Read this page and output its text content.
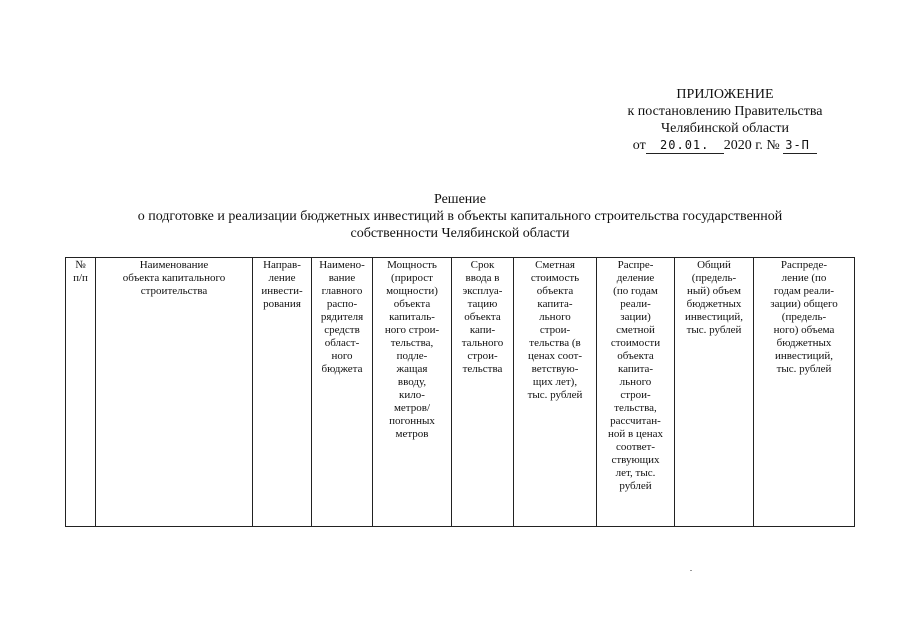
ПРИЛОЖЕНИЕ
к постановлению Правительства
Челябинской области
от 20.01. 2020 г. № 3-П
Решение
о подготовке и реализации бюджетных инвестиций в объекты капитального строительства государственной
собственности Челябинской области
№
п/п	Наименование
объекта капитального
строительства	Направ-
ление
инвести-
рования	Наимено-
вание
главного
распо-
рядителя
средств
област-
ного
бюджета	Мощность
(прирост
мощности)
объекта
капиталь-
ного строи-
тельства,
подле-
жащая
вводу,
кило-
метров/
погонных
метров	Срок
ввода в
эксплуа-
тацию
объекта
капи-
тального
строи-
тельства	Сметная
стоимость
объекта
капита-
льного
строи-
тельства (в
ценах соот-
ветствую-
щих лет),
тыс. рублей	Распре-
деление
(по годам
реали-
зации)
сметной
стоимости
объекта
капитa-
льного
строи-
тельства,
рассчитан-
ной в ценах
соответ-
ствующих
лет, тыс.
рублей	Общий
(предель-
ный) объем
бюджетных
инвестиций,
тыс. рублей	Распреде-
ление (по
годам реали-
зации) общего
(предель-
ного) объема
бюджетных
инвестиций,
тыс. рублей
